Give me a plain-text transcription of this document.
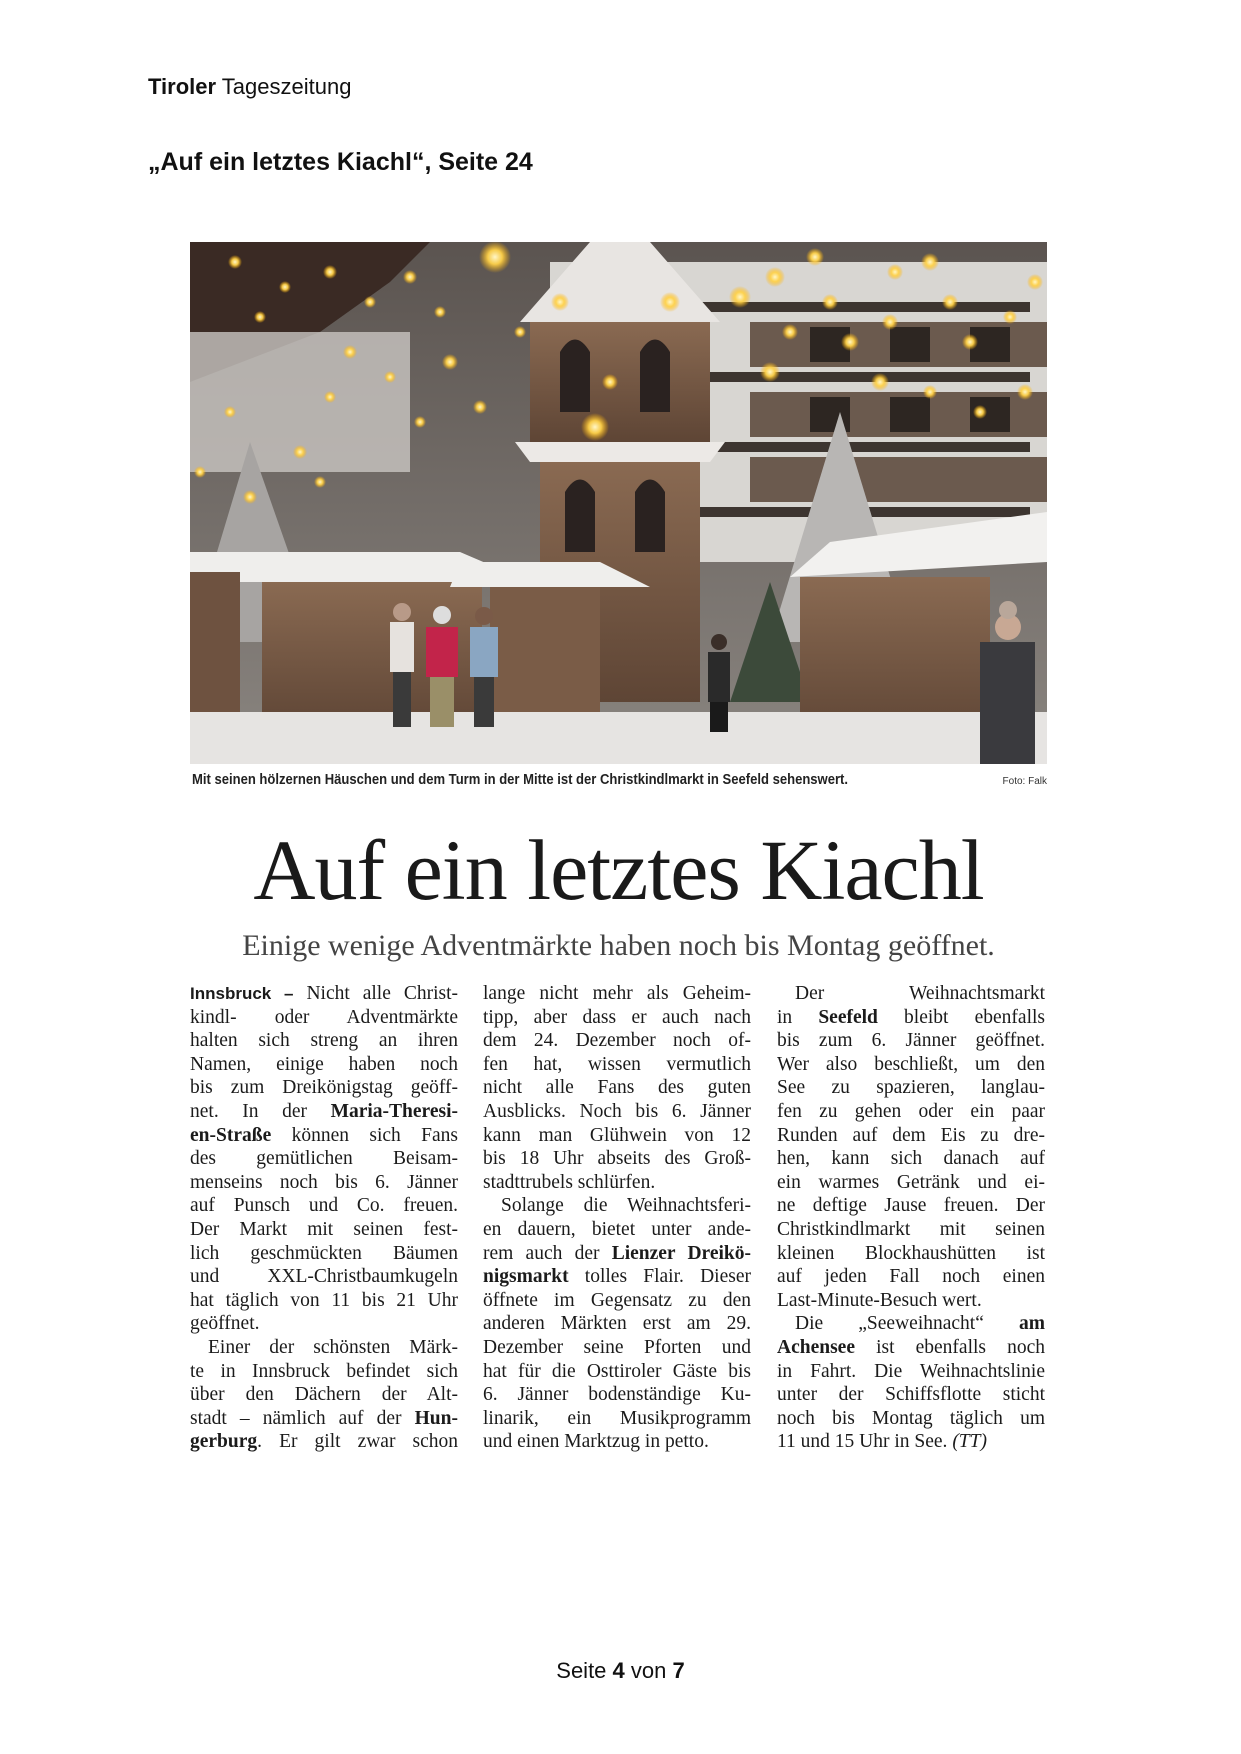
Tiroler Tageszeitung
„Auf ein letztes Kiachl“, Seite 24
Mit seinen hölzernen Häuschen und dem Turm in der Mitte ist der Christkindlmarkt in Seefeld sehenswert.	Foto: Falk
Auf ein letztes Kiachl
Einige wenige Adventmärkte haben noch bis Montag geöffnet.
Innsbruck – Nicht alle Christ-
kindl- oder Adventmärkte
halten sich streng an ihren
Namen, einige haben noch
bis zum Dreikönigstag geöff-
net. In der Maria-Theresi-
en-Straße können sich Fans
des gemütlichen Beisam-
menseins noch bis 6. Jänner
auf Punsch und Co. freuen.
Der Markt mit seinen fest-
lich geschmückten Bäumen
und XXL-Christbaumkugeln
hat täglich von 11 bis 21 Uhr
geöffnet.
Einer der schönsten Märk-
te in Innsbruck befindet sich
über den Dächern der Alt-
stadt – nämlich auf der Hun-
gerburg. Er gilt zwar schon
lange nicht mehr als Geheim-
tipp, aber dass er auch nach
dem 24. Dezember noch of-
fen hat, wissen vermutlich
nicht alle Fans des guten
Ausblicks. Noch bis 6. Jänner
kann man Glühwein von 12
bis 18 Uhr abseits des Groß-
stadttrubels schlürfen.
Solange die Weihnachtsferi-
en dauern, bietet unter ande-
rem auch der Lienzer Dreikö-
nigsmarkt tolles Flair. Dieser
öffnete im Gegensatz zu den
anderen Märkten erst am 29.
Dezember seine Pforten und
hat für die Osttiroler Gäste bis
6. Jänner bodenständige Ku-
linarik, ein Musikprogramm
und einen Marktzug in petto.
Der Weihnachtsmarkt
in Seefeld bleibt ebenfalls
bis zum 6. Jänner geöffnet.
Wer also beschließt, um den
See zu spazieren, langlau-
fen zu gehen oder ein paar
Runden auf dem Eis zu dre-
hen, kann sich danach auf
ein warmes Getränk und ei-
ne deftige Jause freuen. Der
Christkindlmarkt mit seinen
kleinen Blockhaushütten ist
auf jeden Fall noch einen
Last-Minute-Besuch wert.
Die „Seeweihnacht“ am
Achensee ist ebenfalls noch
in Fahrt. Die Weihnachtslinie
unter der Schiffsflotte sticht
noch bis Montag täglich um
11 und 15 Uhr in See. (TT)
Seite 4 von 7
